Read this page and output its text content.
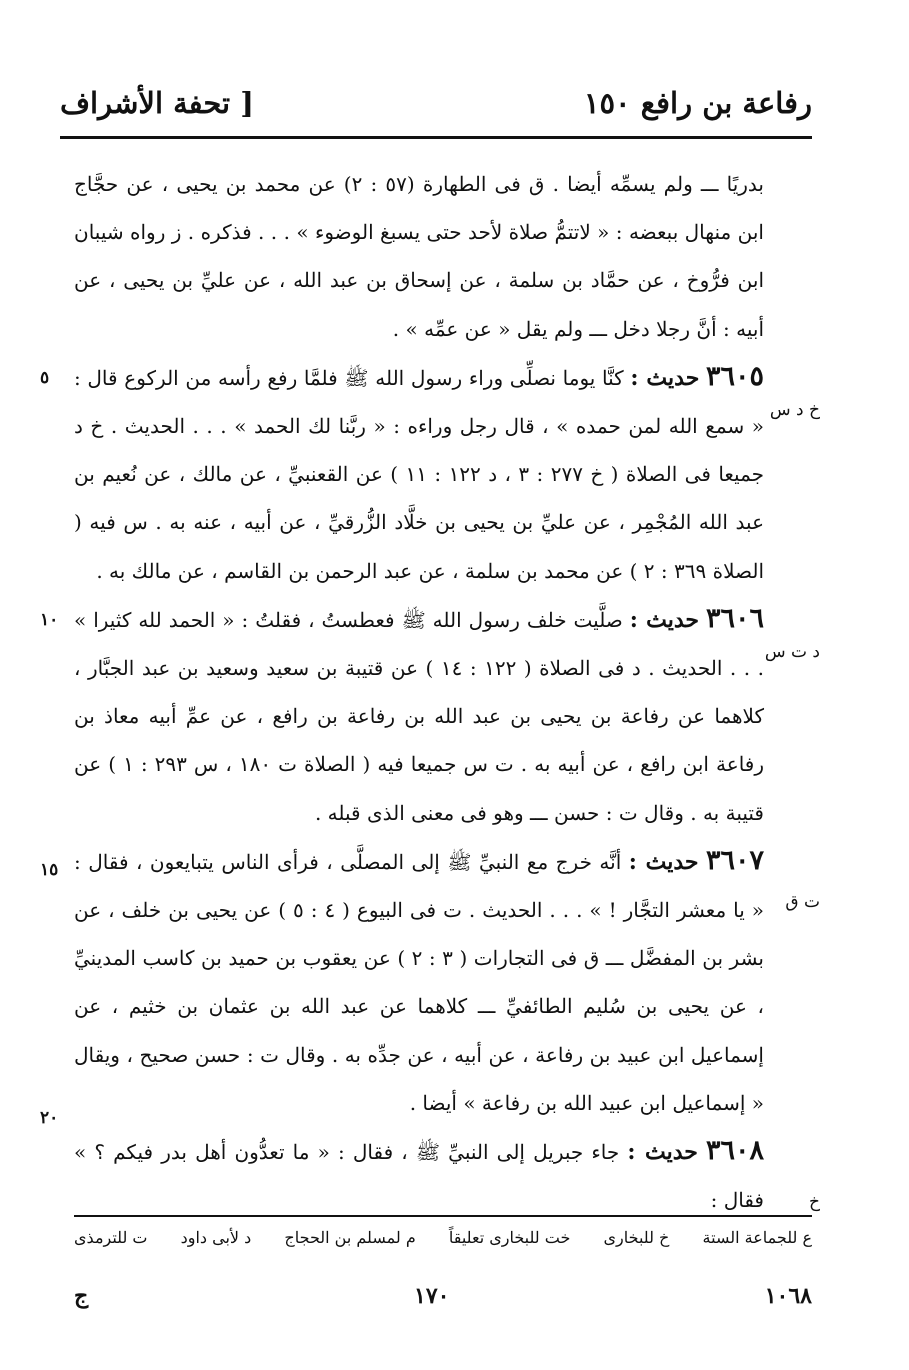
رفاعة بن رافع ١٥٠
[ تحفة الأشراف

بدريًا ـــ ولم يسمِّه أيضا . ق فى الطهارة (٥٧ : ٢) عن محمد بن يحيى ، عن حجَّاج ابن منهال ببعضه : « لاتتمُّ صلاة لأحد حتى يسبغ الوضوء » . . . فذكره . ز رواه شيبان ابن فرُّوخ ، عن حمَّاد بن سلمة ، عن إسحاق بن عبد الله ، عن عليِّ بن يحيى ، عن أبيه : أنَّ رجلا دخل ـــ ولم يقل « عن عمِّه » .

٣٦٠٥ حديث : كنَّا يوما نصلِّى وراء رسول الله ﷺ فلمَّا رفع رأسه من الركوع قال : « سمع الله لمن حمده » ، قال رجل وراءه : « ربَّنا لك الحمد » . . . الحديث . خ د جميعا فى الصلاة ( خ ٢٧٧ : ٣ ، د ١٢٢ : ١١ ) عن القعنبيِّ ، عن مالك ، عن نُعيم بن عبد الله المُجْمِر ، عن عليِّ بن يحيى بن خلَّاد الزُّرقيِّ ، عن أبيه ، عنه به . س فيه ( الصلاة ٣٦٩ : ٢ ) عن محمد بن سلمة ، عن عبد الرحمن بن القاسم ، عن مالك به .

٣٦٠٦ حديث : صلَّيت خلف رسول الله ﷺ فعطستُ ، فقلتُ : « الحمد لله كثيرا » . . . الحديث . د فى الصلاة ( ١٢٢ : ١٤ ) عن قتيبة بن سعيد وسعيد بن عبد الجبَّار ، كلاهما عن رفاعة بن يحيى بن عبد الله بن رفاعة بن رافع ، عن عمِّ أبيه معاذ بن رفاعة ابن رافع ، عن أبيه به . ت س جميعا فيه ( الصلاة ت ١٨٠ ، س ٢٩٣ : ١ ) عن قتيبة به . وقال ت : حسن ـــ وهو فى معنى الذى قبله .

٣٦٠٧ حديث : أنَّه خرج مع النبيِّ ﷺ إلى المصلَّى ، فرأى الناس يتبايعون ، فقال : « يا معشر التجَّار ! » . . . الحديث . ت فى البيوع ( ٤ : ٥ ) عن يحيى بن خلف ، عن بشر بن المفضَّل ـــ ق فى التجارات ( ٣ : ٢ ) عن يعقوب بن حميد بن كاسب المدينيِّ ، عن يحيى بن سُليم الطائفيِّ ـــ كلاهما عن عبد الله بن عثمان بن خثيم ، عن إسماعيل ابن عبيد بن رفاعة ، عن أبيه ، عن جدِّه به . وقال ت : حسن صحيح ، ويقال « إسماعيل ابن عبيد الله بن رفاعة » أيضا .

٣٦٠٨ حديث : جاء جبريل إلى النبيِّ ﷺ ، فقال : « ما تعدُّون أهل بدر فيكم ؟ » فقال :

٥
١٠
١٥
٢٠
خ د س
د ت س
ت ق
خ
ع للجماعة الستة
خ للبخارى
خت للبخارى تعليقاً
م لمسلم بن الحجاج
د لأبى داود
ت للترمذى
١٠٦٨
١٧٠
ج
